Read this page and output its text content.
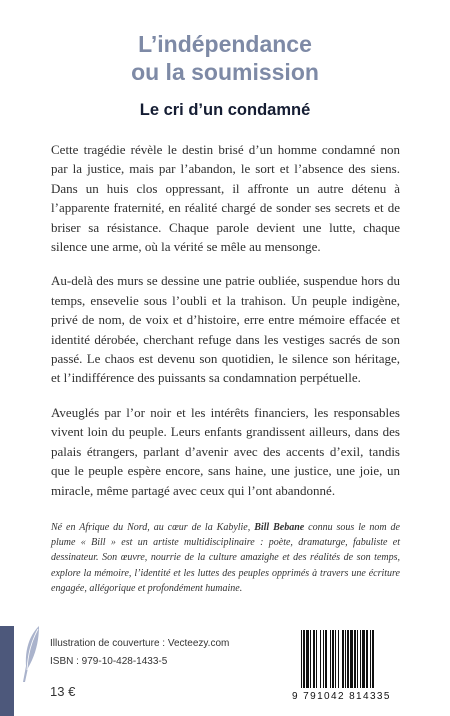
L’indépendance
ou la soumission
Le cri d’un condamné

Cette tragédie révèle le destin brisé d’un homme condamné non par la justice, mais par l’abandon, le sort et l’absence des siens. Dans un huis clos oppressant, il affronte un autre détenu à l’apparente fraternité, en réalité chargé de sonder ses secrets et de briser sa résistance. Chaque parole devient une lutte, chaque silence une arme, où la vérité se mêle au mensonge.

Au-delà des murs se dessine une patrie oubliée, suspendue hors du temps, ensevelie sous l’oubli et la trahison. Un peuple indigène, privé de nom, de voix et d’histoire, erre entre mémoire effacée et identité dérobée, cherchant refuge dans les vestiges sacrés de son passé. Le chaos est devenu son quotidien, le silence son héritage, et l’indifférence des puissants sa condamnation perpétuelle.

Aveuglés par l’or noir et les intérêts financiers, les responsables vivent loin du peuple. Leurs enfants grandissent ailleurs, dans des palais étrangers, parlant d’avenir avec des accents d’exil, tandis que le peuple espère encore, sans haine, une justice, une joie, un miracle, même partagé avec ceux qui l’ont abandonné.

Né en Afrique du Nord, au cœur de la Kabylie, Bill Bebane connu sous le nom de plume « Bill » est un artiste multidisciplinaire : poète, dramaturge, fabuliste et dessinateur. Son œuvre, nourrie de la culture amazighe et des réalités de son temps, explore la mémoire, l’identité et les luttes des peuples opprimés à travers une écriture engagée, allégorique et profondément humaine.
Illustration de couverture : Vecteezy.com
ISBN : 979-10-428-1433-5
13 €	9 791042 814335
